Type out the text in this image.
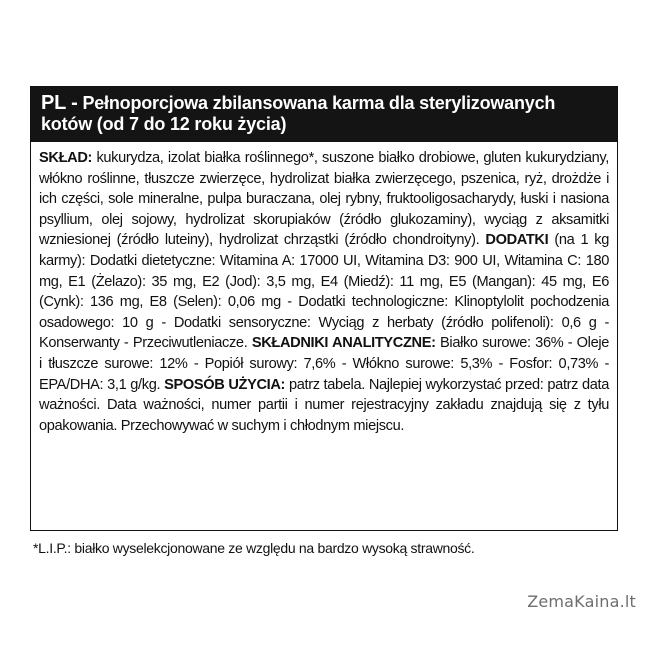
PL - Pełnoporcjowa zbilansowana karma dla sterylizowanych kotów (od 7 do 12 roku życia)
SKŁAD: kukurydza, izolat białka roślinnego*, suszone białko drobiowe, gluten kukurydziany, włókno roślinne, tłuszcze zwierzęce, hydrolizat białka zwierzęcego, pszenica, ryż, drożdże i ich części, sole mineralne, pulpa buraczana, olej rybny, fruktooligosacharydy, łuski i nasiona psyllium, olej sojowy, hydrolizat skorupiaków (źródło glukozaminy), wyciąg z aksamitki wzniesionej (źródło luteiny), hydrolizat chrząstki (źródło chondroityny). DODATKI (na 1 kg karmy): Dodatki dietetyczne: Witamina A: 17000 UI, Witamina D3: 900 UI, Witamina C: 180 mg, E1 (Żelazo): 35 mg, E2 (Jod): 3,5 mg, E4 (Miedź): 11 mg, E5 (Mangan): 45 mg, E6 (Cynk): 136 mg, E8 (Selen): 0,06 mg - Dodatki technologiczne: Klinoptylolit pochodzenia osadowego: 10 g - Dodatki sensoryczne: Wyciąg z herbaty (źródło polifenoli): 0,6 g - Konserwanty - Przeciwutleniacze. SKŁADNIKI ANALITYCZNE: Białko surowe: 36% - Oleje i tłuszcze surowe: 12% - Popiół surowy: 7,6% - Włókno surowe: 5,3% - Fosfor: 0,73% - EPA/DHA: 3,1 g/kg. SPOSÓB UŻYCIA: patrz tabela. Najlepiej wykorzystać przed: patrz data ważności. Data ważności, numer partii i numer rejestracyjny zakładu znajdują się z tyłu opakowania. Przechowywać w suchym i chłodnym miejscu.
*L.I.P.: białko wyselekcjonowane ze względu na bardzo wysoką strawność.
ZemaKaina.lt
